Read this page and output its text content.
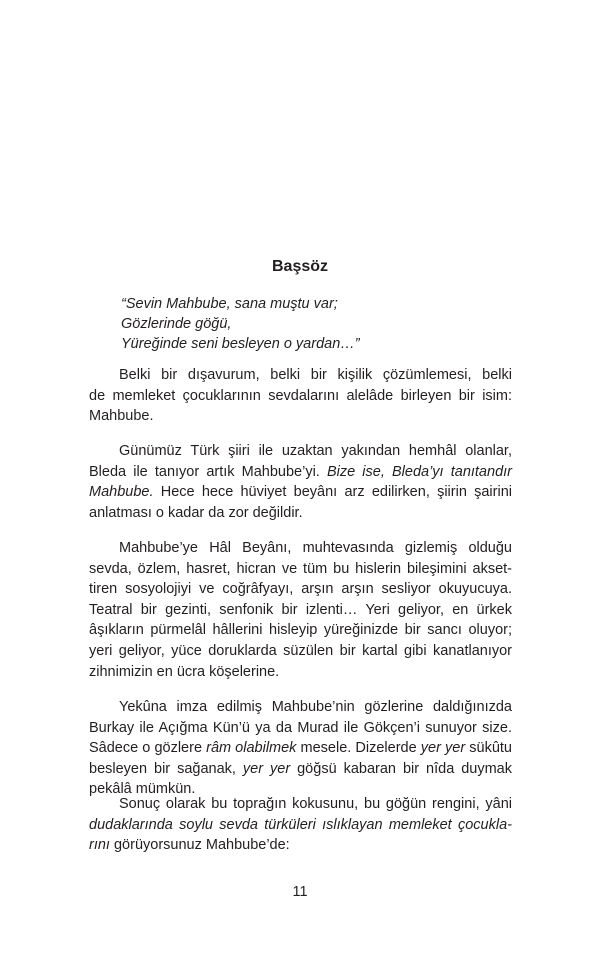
Başsöz
“Sevin Mahbube, sana muştu var;
Gözlerinde göğü,
Yüreğinde seni besleyen o yardan…”
Belki bir dışavurum, belki bir kişilik çözümlemesi, belki
de memleket çocuklarının sevdalarını alelâde birleyen bir isim:
Mahbube.
Günümüz Türk şiiri ile uzaktan yakından hemhâl olanlar,
Bleda ile tanıyor artık Mahbube’yi. Bize ise, Bleda’yı tanıtandır
Mahbube. Hece hece hüviyet beyânı arz edilirken, şiirin şairini
anlatması o kadar da zor değildir.
Mahbube’ye Hâl Beyânı, muhtevasında gizlemiş olduğu
sevda, özlem, hasret, hicran ve tüm bu hislerin bileşimini akset-
tiren sosyolojiyi ve coğrâfyayı, arşın arşın sesliyor okuyucuya.
Teatral bir gezinti, senfonik bir izlenti… Yeri geliyor, en ürkek
âşıkların pürmelâl hâllerini hisleyip yüreğinizde bir sancı oluyor;
yeri geliyor, yüce doruklarda süzülen bir kartal gibi kanatlanıyor
zihnimizin en ücra köşelerine.
Yekûna imza edilmiş Mahbube’nin gözlerine daldığınızda
Burkay ile Açığma Kün’ü ya da Murad ile Gökçen’i sunuyor size.
Sâdece o gözlere râm olabilmek mesele. Dizelerde yer yer sükûtu
besleyen bir sağanak, yer yer göğsü kabaran bir nîda duymak
pekâlâ mümkün.
Sonuç olarak bu toprağın kokusunu, bu göğün rengini, yâni
dudaklarında soylu sevda türküleri ıslıklayan memleket çocukla-
rını görüyorsunuz Mahbube’de:
11
